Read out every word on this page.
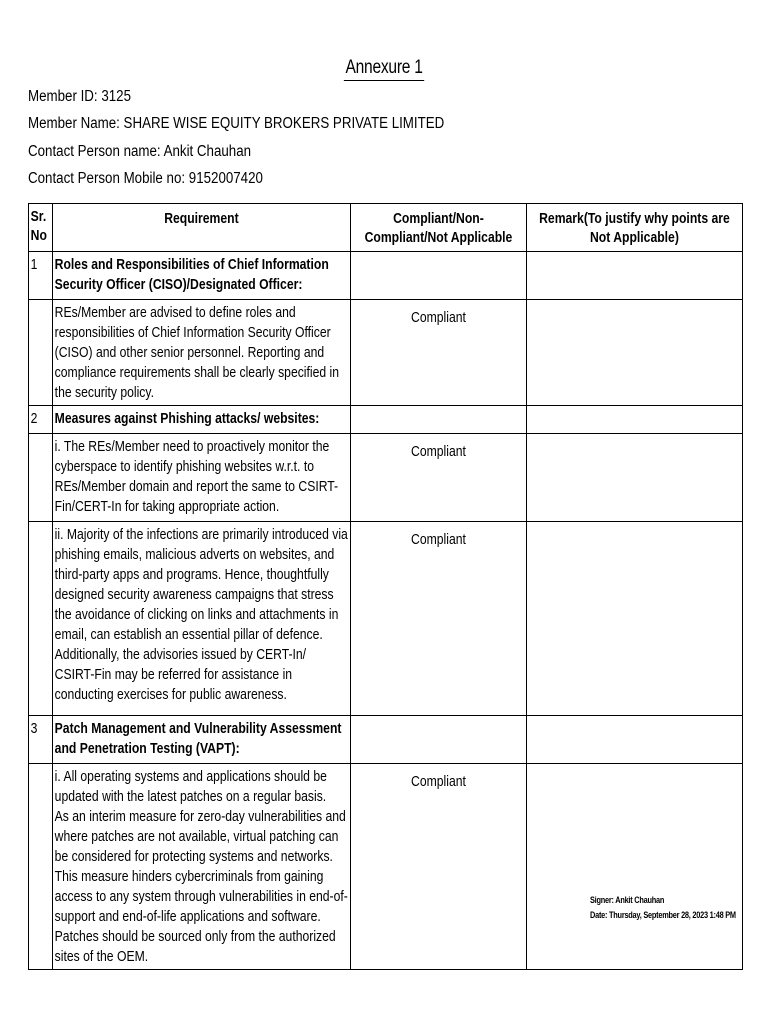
Annexure 1
Member ID: 3125
Member Name: SHARE WISE EQUITY BROKERS PRIVATE LIMITED
Contact Person name: Ankit Chauhan
Contact Person Mobile no: 9152007420
Sr. No	Requirement	Compliant/Non-Compliant/Not Applicable	Remark(To justify why points are Not Applicable)

1	Roles and Responsibilities of Chief Information Security Officer (CISO)/Designated Officer:		

	REs/Member are advised to define roles and responsibilities of Chief Information Security Officer (CISO) and other senior personnel. Reporting and compliance requirements shall be clearly specified in the security policy.	Compliant	

2	Measures against Phishing attacks/ websites:		

	i. The REs/Member need to proactively monitor the cyberspace to identify phishing websites w.r.t. to REs/Member domain and report the same to CSIRT-Fin/CERT-In for taking appropriate action.	Compliant	

	ii. Majority of the infections are primarily introduced via phishing emails, malicious adverts on websites, and third-party apps and programs. Hence, thoughtfully designed security awareness campaigns that stress the avoidance of clicking on links and attachments in email, can establish an essential pillar of defence.
Additionally, the advisories issued by CERT-In/ CSIRT-Fin may be referred for assistance in conducting exercises for public awareness.	Compliant	

3	Patch Management and Vulnerability Assessment and Penetration Testing (VAPT):		

	i. All operating systems and applications should be updated with the latest patches on a regular basis.
As an interim measure for zero-day vulnerabilities and where patches are not available, virtual patching can be considered for protecting systems and networks. This measure hinders cybercriminals from gaining access to any system through vulnerabilities in end-of-support and end-of-life applications and software. Patches should be sourced only from the authorized sites of the OEM.	Compliant	

Signer: Ankit Chauhan
Date: Thursday, September 28, 2023 1:48 PM
